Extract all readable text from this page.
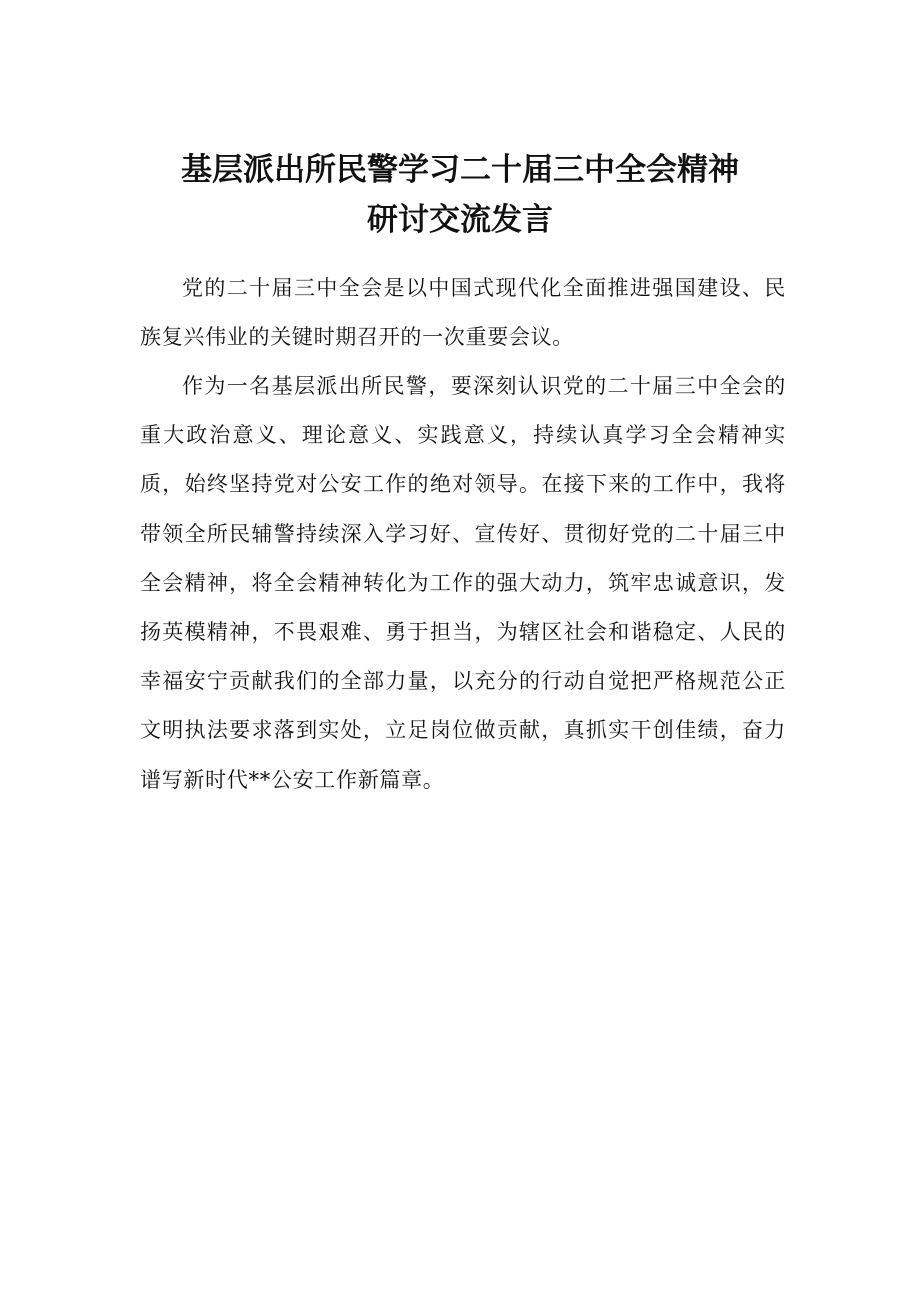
基层派出所民警学习二十届三中全会精神
研讨交流发言

党的二十届三中全会是以中国式现代化全面推进强国建设、民族复兴伟业的关键时期召开的一次重要会议。

作为一名基层派出所民警，要深刻认识党的二十届三中全会的重大政治意义、理论意义、实践意义，持续认真学习全会精神实质，始终坚持党对公安工作的绝对领导。在接下来的工作中，我将带领全所民辅警持续深入学习好、宣传好、贯彻好党的二十届三中全会精神，将全会精神转化为工作的强大动力，筑牢忠诚意识，发扬英模精神，不畏艰难、勇于担当，为辖区社会和谐稳定、人民的幸福安宁贡献我们的全部力量，以充分的行动自觉把严格规范公正文明执法要求落到实处，立足岗位做贡献，真抓实干创佳绩，奋力谱写新时代**公安工作新篇章。
